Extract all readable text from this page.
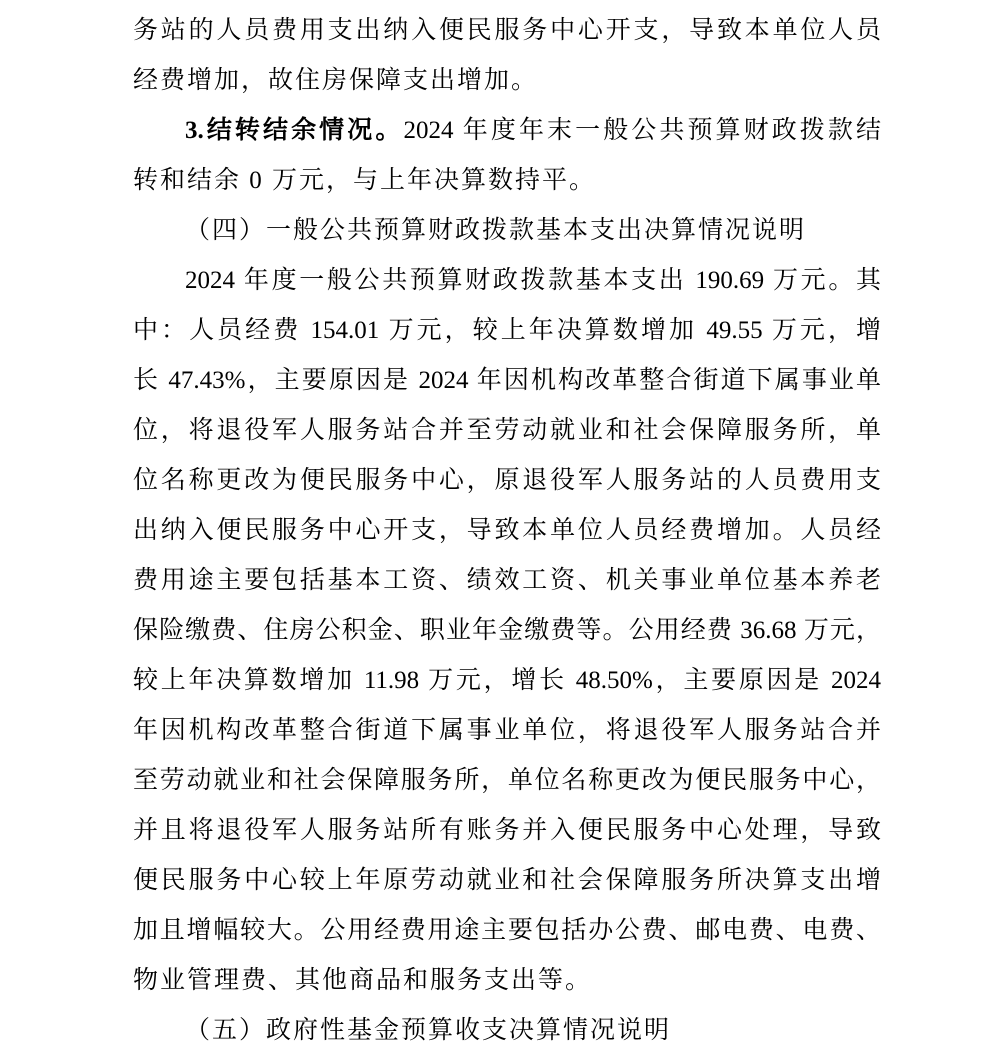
务站的人员费用支出纳入便民服务中心开支，导致本单位人员
经费增加，故住房保障支出增加。
3.结转结余情况。2024 年度年末一般公共预算财政拨款结
转和结余 0 万元，与上年决算数持平。
（四）一般公共预算财政拨款基本支出决算情况说明
2024 年度一般公共预算财政拨款基本支出 190.69 万元。其
中：人员经费 154.01 万元，较上年决算数增加 49.55 万元，增
长 47.43%，主要原因是 2024 年因机构改革整合街道下属事业单
位，将退役军人服务站合并至劳动就业和社会保障服务所，单
位名称更改为便民服务中心，原退役军人服务站的人员费用支
出纳入便民服务中心开支，导致本单位人员经费增加。人员经
费用途主要包括基本工资、绩效工资、机关事业单位基本养老
保险缴费、住房公积金、职业年金缴费等。公用经费 36.68 万元，
较上年决算数增加 11.98 万元，增长 48.50%，主要原因是 2024
年因机构改革整合街道下属事业单位，将退役军人服务站合并
至劳动就业和社会保障服务所，单位名称更改为便民服务中心，
并且将退役军人服务站所有账务并入便民服务中心处理，导致
便民服务中心较上年原劳动就业和社会保障服务所决算支出增
加且增幅较大。公用经费用途主要包括办公费、邮电费、电费、
物业管理费、其他商品和服务支出等。
（五）政府性基金预算收支决算情况说明
